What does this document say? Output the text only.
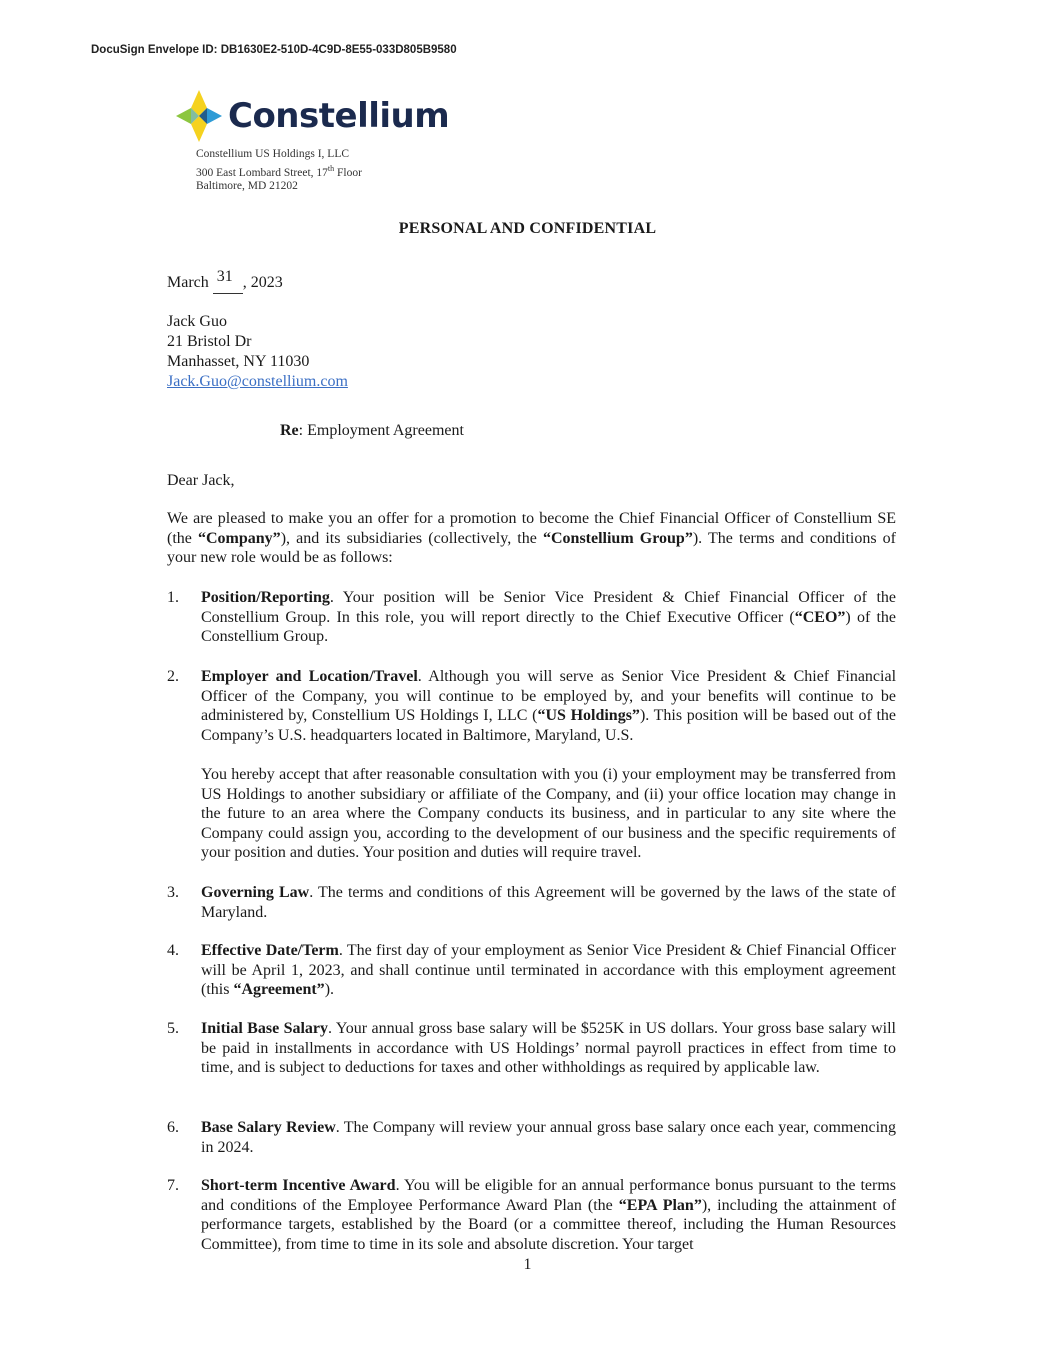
DocuSign Envelope ID: DB1630E2-510D-4C9D-8E55-033D805B9580
Constellium
Constellium US Holdings I, LLC
300 East Lombard Street, 17th Floor
Baltimore, MD 21202
PERSONAL AND CONFIDENTIAL
March 31 , 2023
Jack Guo
21 Bristol Dr
Manhasset, NY 11030
Jack.Guo@constellium.com
Re: Employment Agreement
Dear Jack,
We are pleased to make you an offer for a promotion to become the Chief Financial Officer of Constellium SE (the “Company”), and its subsidiaries (collectively, the “Constellium Group”). The terms and conditions of your new role would be as follows:
1. Position/Reporting. Your position will be Senior Vice President & Chief Financial Officer of the Constellium Group. In this role, you will report directly to the Chief Executive Officer (“CEO”) of the Constellium Group.
2. Employer and Location/Travel. Although you will serve as Senior Vice President & Chief Financial Officer of the Company, you will continue to be employed by, and your benefits will continue to be administered by, Constellium US Holdings I, LLC (“US Holdings”). This position will be based out of the Company’s U.S. headquarters located in Baltimore, Maryland, U.S.
You hereby accept that after reasonable consultation with you (i) your employment may be transferred from US Holdings to another subsidiary or affiliate of the Company, and (ii) your office location may change in the future to an area where the Company conducts its business, and in particular to any site where the Company could assign you, according to the development of our business and the specific requirements of your position and duties. Your position and duties will require travel.
3. Governing Law. The terms and conditions of this Agreement will be governed by the laws of the state of Maryland.
4. Effective Date/Term. The first day of your employment as Senior Vice President & Chief Financial Officer will be April 1, 2023, and shall continue until terminated in accordance with this employment agreement (this “Agreement”).
5. Initial Base Salary. Your annual gross base salary will be $525K in US dollars. Your gross base salary will be paid in installments in accordance with US Holdings’ normal payroll practices in effect from time to time, and is subject to deductions for taxes and other withholdings as required by applicable law.
6. Base Salary Review. The Company will review your annual gross base salary once each year, commencing in 2024.
7. Short-term Incentive Award. You will be eligible for an annual performance bonus pursuant to the terms and conditions of the Employee Performance Award Plan (the “EPA Plan”), including the attainment of performance targets, established by the Board (or a committee thereof, including the Human Resources Committee), from time to time in its sole and absolute discretion. Your target
1
